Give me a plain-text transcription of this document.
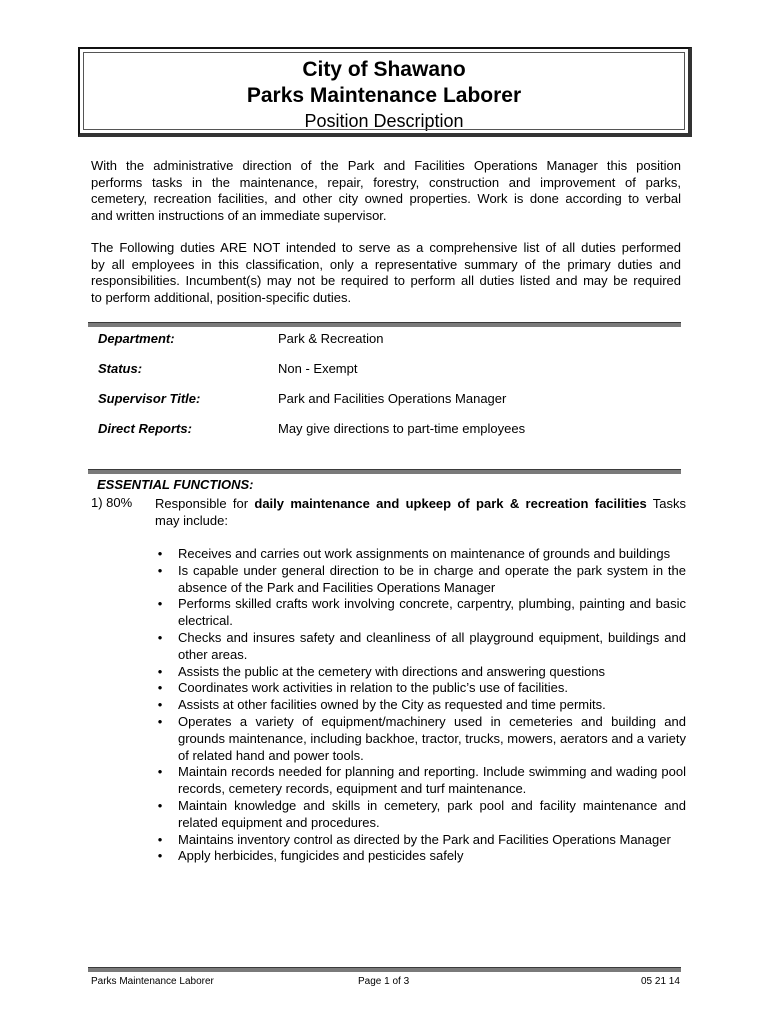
City of Shawano
Parks Maintenance Laborer
Position Description
With the administrative direction of the Park and Facilities Operations Manager this position
performs tasks in the maintenance, repair, forestry, construction and improvement of parks,
cemetery, recreation facilities, and other city owned properties. Work is done according to verbal
and written instructions of an immediate supervisor.
The Following duties ARE NOT intended to serve as a comprehensive list of all duties performed
by all employees in this classification, only a representative summary of the primary duties and
responsibilities. Incumbent(s) may not be required to perform all duties listed and may be required
to perform additional, position-specific duties.
Department:	Park & Recreation
Status:	Non - Exempt
Supervisor Title:	Park and Facilities Operations Manager
Direct Reports:	May give directions to part-time employees
ESSENTIAL FUNCTIONS:
1) 80% Responsible for daily maintenance and upkeep of park & recreation facilities Tasks may include:
• Receives and carries out work assignments on maintenance of grounds and buildings
• Is capable under general direction to be in charge and operate the park system in the absence of the Park and Facilities Operations Manager
• Performs skilled crafts work involving concrete, carpentry, plumbing, painting and basic electrical.
• Checks and insures safety and cleanliness of all playground equipment, buildings and other areas.
• Assists the public at the cemetery with directions and answering questions
• Coordinates work activities in relation to the public’s use of facilities.
• Assists at other facilities owned by the City as requested and time permits.
• Operates a variety of equipment/machinery used in cemeteries and building and grounds maintenance, including backhoe, tractor, trucks, mowers, aerators and a variety of related hand and power tools.
• Maintain records needed for planning and reporting. Include swimming and wading pool records, cemetery records, equipment and turf maintenance.
• Maintain knowledge and skills in cemetery, park pool and facility maintenance and related equipment and procedures.
• Maintains inventory control as directed by the Park and Facilities Operations Manager
• Apply herbicides, fungicides and pesticides safely
Parks Maintenance Laborer	Page 1 of 3	05 21 14
